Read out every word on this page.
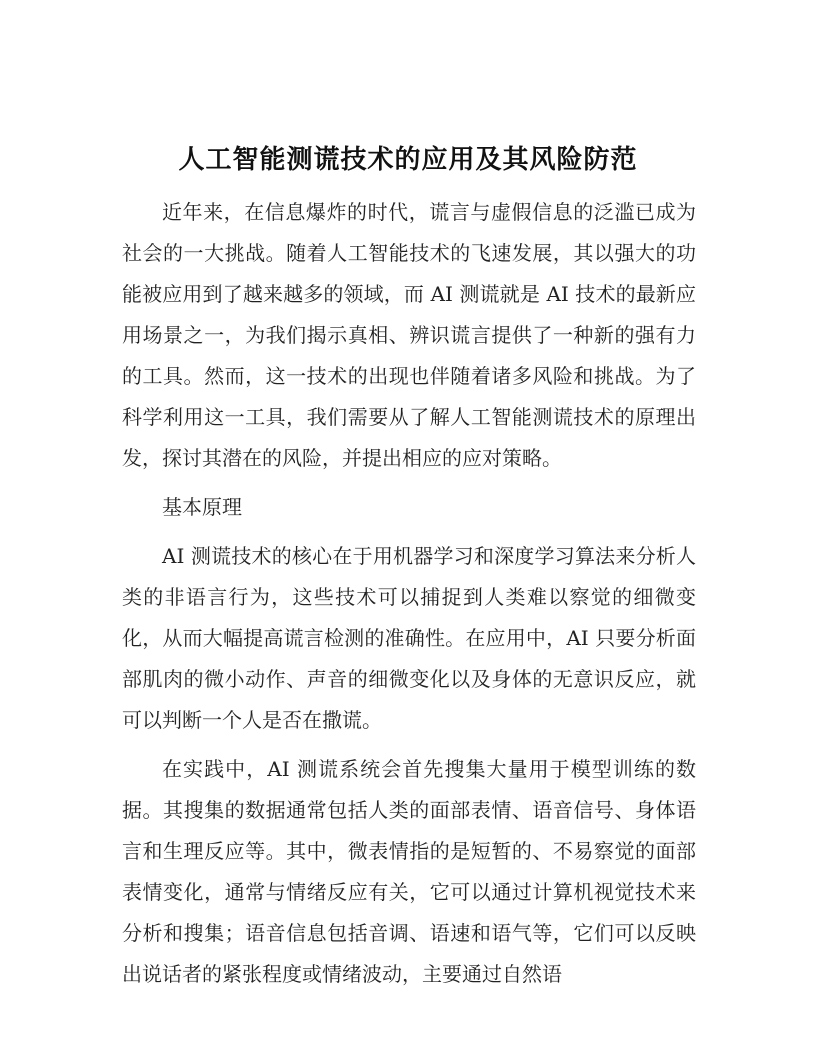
人工智能测谎技术的应用及其风险防范

近年来，在信息爆炸的时代，谎言与虚假信息的泛滥已成为社会的一大挑战。随着人工智能技术的飞速发展，其以强大的功能被应用到了越来越多的领域，而 AI 测谎就是 AI 技术的最新应用场景之一，为我们揭示真相、辨识谎言提供了一种新的强有力的工具。然而，这一技术的出现也伴随着诸多风险和挑战。为了科学利用这一工具，我们需要从了解人工智能测谎技术的原理出发，探讨其潜在的风险，并提出相应的应对策略。

基本原理

AI 测谎技术的核心在于用机器学习和深度学习算法来分析人类的非语言行为，这些技术可以捕捉到人类难以察觉的细微变化，从而大幅提高谎言检测的准确性。在应用中，AI 只要分析面部肌肉的微小动作、声音的细微变化以及身体的无意识反应，就可以判断一个人是否在撒谎。

在实践中，AI 测谎系统会首先搜集大量用于模型训练的数据。其搜集的数据通常包括人类的面部表情、语音信号、身体语言和生理反应等。其中，微表情指的是短暂的、不易察觉的面部表情变化，通常与情绪反应有关，它可以通过计算机视觉技术来分析和搜集；语音信息包括音调、语速和语气等，它们可以反映出说话者的紧张程度或情绪波动，主要通过自然语
